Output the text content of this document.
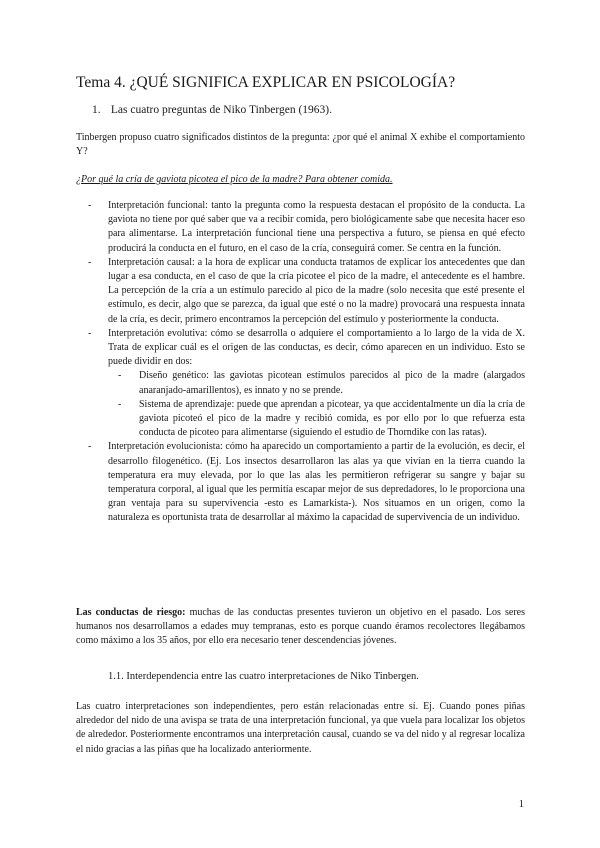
Tema 4. ¿QUÉ SIGNIFICA EXPLICAR EN PSICOLOGÍA?
1. Las cuatro preguntas de Niko Tinbergen (1963).

Tinbergen propuso cuatro significados distintos de la pregunta: ¿por qué el animal X exhibe el comportamiento Y?

¿Por qué la cría de gaviota picotea el pico de la madre? Para obtener comida.

- Interpretación funcional: tanto la pregunta como la respuesta destacan el propósito de la conducta. La gaviota no tiene por qué saber que va a recibir comida, pero biológicamente sabe que necesita hacer eso para alimentarse. La interpretación funcional tiene una perspectiva a futuro, se piensa en qué efecto producirá la conducta en el futuro, en el caso de la cría, conseguirá comer. Se centra en la función.
- Interpretación causal: a la hora de explicar una conducta tratamos de explicar los antecedentes que dan lugar a esa conducta, en el caso de que la cría picotee el pico de la madre, el antecedente es el hambre. La percepción de la cría a un estímulo parecido al pico de la madre (solo necesita que esté presente el estímulo, es decir, algo que se parezca, da igual que esté o no la madre) provocará una respuesta innata de la cría, es decir, primero encontramos la percepción del estímulo y posteriormente la conducta.
- Interpretación evolutiva: cómo se desarrolla o adquiere el comportamiento a lo largo de la vida de X. Trata de explicar cuál es el origen de las conductas, es decir, cómo aparecen en un individuo. Esto se puede dividir en dos:
- Diseño genético: las gaviotas picotean estímulos parecidos al pico de la madre (alargados anaranjado-amarillentos), es innato y no se prende.
- Sistema de aprendizaje: puede que aprendan a picotear, ya que accidentalmente un día la cría de gaviota picoteó el pico de la madre y recibió comida, es por ello por lo que refuerza esta conducta de picoteo para alimentarse (siguiendo el estudio de Thorndike con las ratas).
- Interpretación evolucionista: cómo ha aparecido un comportamiento a partir de la evolución, es decir, el desarrollo filogenético. (Ej. Los insectos desarrollaron las alas ya que vivían en la tierra cuando la temperatura era muy elevada, por lo que las alas les permitieron refrigerar su sangre y bajar su temperatura corporal, al igual que les permitía escapar mejor de sus depredadores, lo le proporciona una gran ventaja para su supervivencia -esto es Lamarkista-). Nos situamos en un origen, como la naturaleza es oportunista trata de desarrollar al máximo la capacidad de supervivencia de un individuo.

Las conductas de riesgo: muchas de las conductas presentes tuvieron un objetivo en el pasado. Los seres humanos nos desarrollamos a edades muy tempranas, esto es porque cuando éramos recolectores llegábamos como máximo a los 35 años, por ello era necesario tener descendencias jóvenes.

1.1. Interdependencia entre las cuatro interpretaciones de Niko Tinbergen.

Las cuatro interpretaciones son independientes, pero están relacionadas entre sí. Ej. Cuando pones piñas alrededor del nido de una avispa se trata de una interpretación funcional, ya que vuela para localizar los objetos de alrededor. Posteriormente encontramos una interpretación causal, cuando se va del nido y al regresar localiza el nido gracias a las piñas que ha localizado anteriormente.

1
